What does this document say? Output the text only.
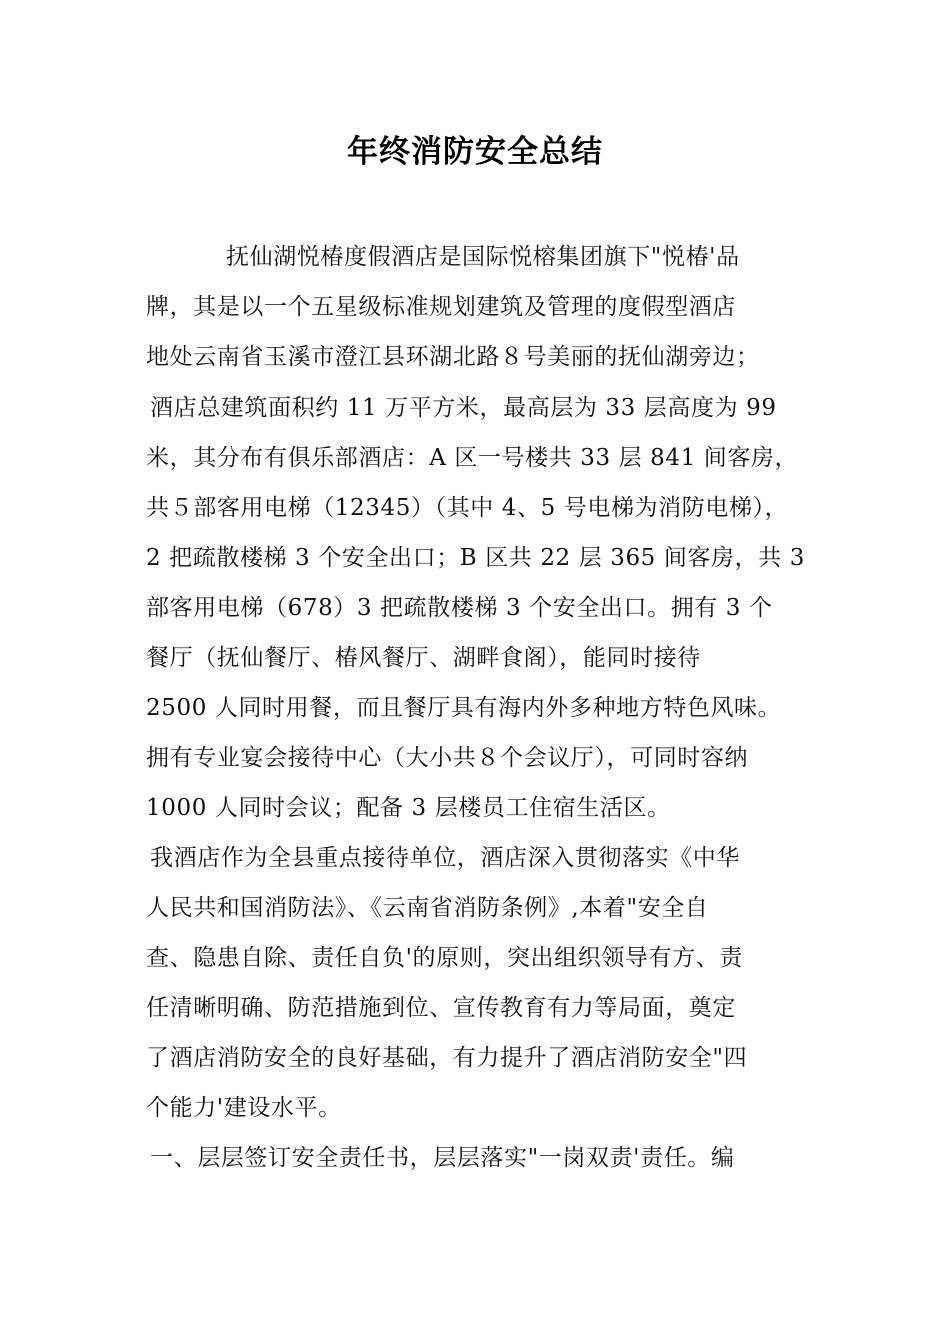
年终消防安全总结
抚仙湖悦椿度假酒店是国际悦榕集团旗下"悦椿'品
牌，其是以一个五星级标准规划建筑及管理的度假型酒店
地处云南省玉溪市澄江县环湖北路８号美丽的抚仙湖旁边；
酒店总建筑面积约 11 万平方米，最高层为 33 层高度为 99
米，其分布有俱乐部酒店：A 区一号楼共 33 层 841 间客房，
共５部客用电梯（12345）（其中 4、5 号电梯为消防电梯），
2 把疏散楼梯 3 个安全出口；B 区共 22 层 365 间客房，共 3
部客用电梯（678）3 把疏散楼梯 3 个安全出口。拥有 3 个
餐厅（抚仙餐厅、椿风餐厅、湖畔食阁），能同时接待
2500 人同时用餐，而且餐厅具有海内外多种地方特色风味。
拥有专业宴会接待中心（大小共８个会议厅），可同时容纳
1000 人同时会议；配备 3 层楼员工住宿生活区。
我酒店作为全县重点接待单位，酒店深入贯彻落实《中华
人民共和国消防法》、《云南省消防条例》,本着"安全自
查、隐患自除、责任自负'的原则，突出组织领导有方、责
任清晰明确、防范措施到位、宣传教育有力等局面，奠定
了酒店消防安全的良好基础，有力提升了酒店消防安全"四
个能力'建设水平。
一、层层签订安全责任书，层层落实"一岗双责'责任。编
